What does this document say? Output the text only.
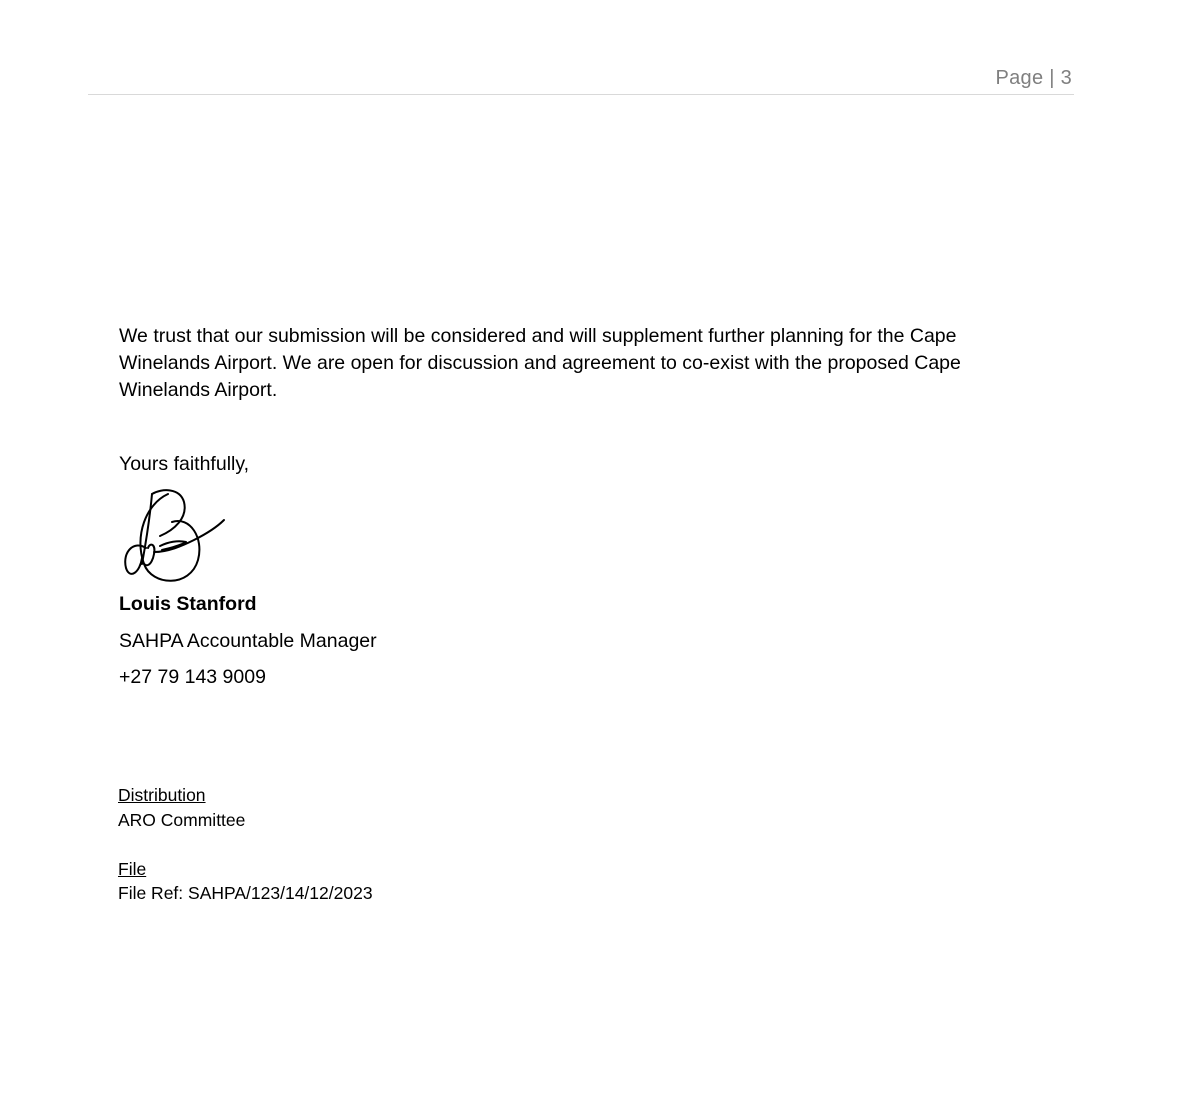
Page | 3

We trust that our submission will be considered and will supplement further planning for the Cape Winelands Airport. We are open for discussion and agreement to co-exist with the proposed Cape Winelands Airport.

Yours faithfully,

Louis Stanford

SAHPA Accountable Manager

+27 79 143 9009

Distribution

ARO Committee

File

File Ref: SAHPA/123/14/12/2023
